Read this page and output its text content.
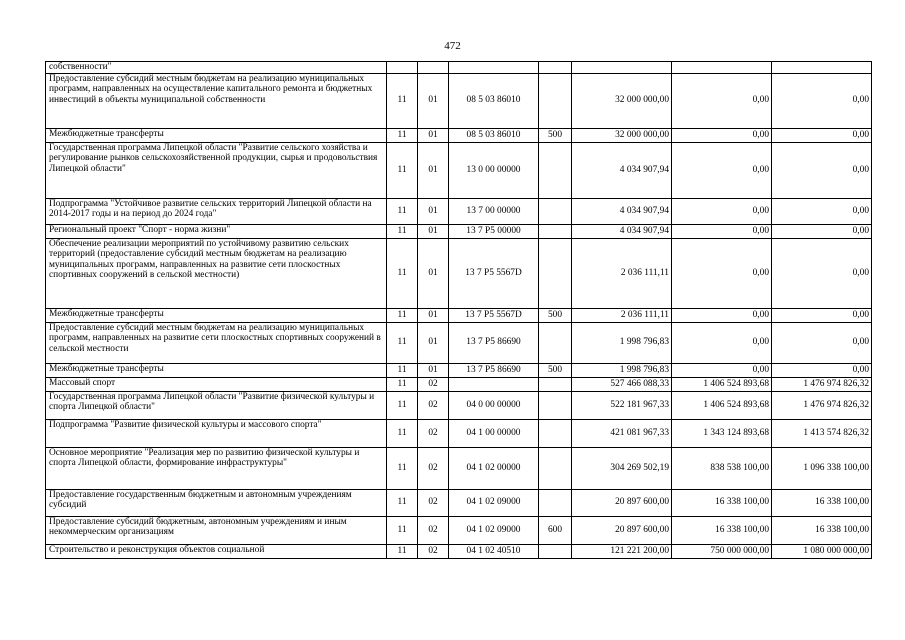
472
собственности"							
Предоставление субсидий местным бюджетам на реализацию муниципальных программ, направленных на осуществление капитального ремонта и бюджетных инвестиций в объекты муниципальной собственности	11	01	08 5 03 86010		32 000 000,00	0,00	0,00
Межбюджетные трансферты	11	01	08 5 03 86010	500	32 000 000,00	0,00	0,00
Государственная программа Липецкой области "Развитие сельского хозяйства и регулирование рынков сельскохозяйственной продукции, сырья и продовольствия Липецкой области"	11	01	13 0 00 00000		4 034 907,94	0,00	0,00
Подпрограмма "Устойчивое развитие сельских территорий Липецкой области на 2014-2017 годы и на период до 2024 года"	11	01	13 7 00 00000		4 034 907,94	0,00	0,00
Региональный проект "Спорт - норма жизни"	11	01	13 7 P5 00000		4 034 907,94	0,00	0,00
Обеспечение реализации мероприятий по устойчивому развитию сельских территорий (предоставление субсидий местным бюджетам на реализацию муниципальных программ, направленных на развитие сети плоскостных спортивных сооружений в сельской местности)	11	01	13 7 P5 5567D		2 036 111,11	0,00	0,00
Межбюджетные трансферты	11	01	13 7 P5 5567D	500	2 036 111,11	0,00	0,00
Предоставление субсидий местным бюджетам на реализацию муниципальных программ, направленных на развитие сети плоскостных спортивных сооружений в сельской местности	11	01	13 7 P5 86690		1 998 796,83	0,00	0,00
Межбюджетные трансферты	11	01	13 7 P5 86690	500	1 998 796,83	0,00	0,00
Массовый спорт	11	02			527 466 088,33	1 406 524 893,68	1 476 974 826,32
Государственная программа Липецкой области "Развитие физической культуры и спорта Липецкой области"	11	02	04 0 00 00000		522 181 967,33	1 406 524 893,68	1 476 974 826,32
Подпрограмма "Развитие физической культуры и массового спорта"	11	02	04 1 00 00000		421 081 967,33	1 343 124 893,68	1 413 574 826,32
Основное мероприятие "Реализация мер по развитию физической культуры и спорта Липецкой области, формирование инфраструктуры"	11	02	04 1 02 00000		304 269 502,19	838 538 100,00	1 096 338 100,00
Предоставление государственным бюджетным и автономным учреждениям субсидий	11	02	04 1 02 09000		20 897 600,00	16 338 100,00	16 338 100,00
Предоставление субсидий бюджетным, автономным учреждениям и иным некоммерческим организациям	11	02	04 1 02 09000	600	20 897 600,00	16 338 100,00	16 338 100,00
Строительство и реконструкция объектов социальной	11	02	04 1 02 40510		121 221 200,00	750 000 000,00	1 080 000 000,00
